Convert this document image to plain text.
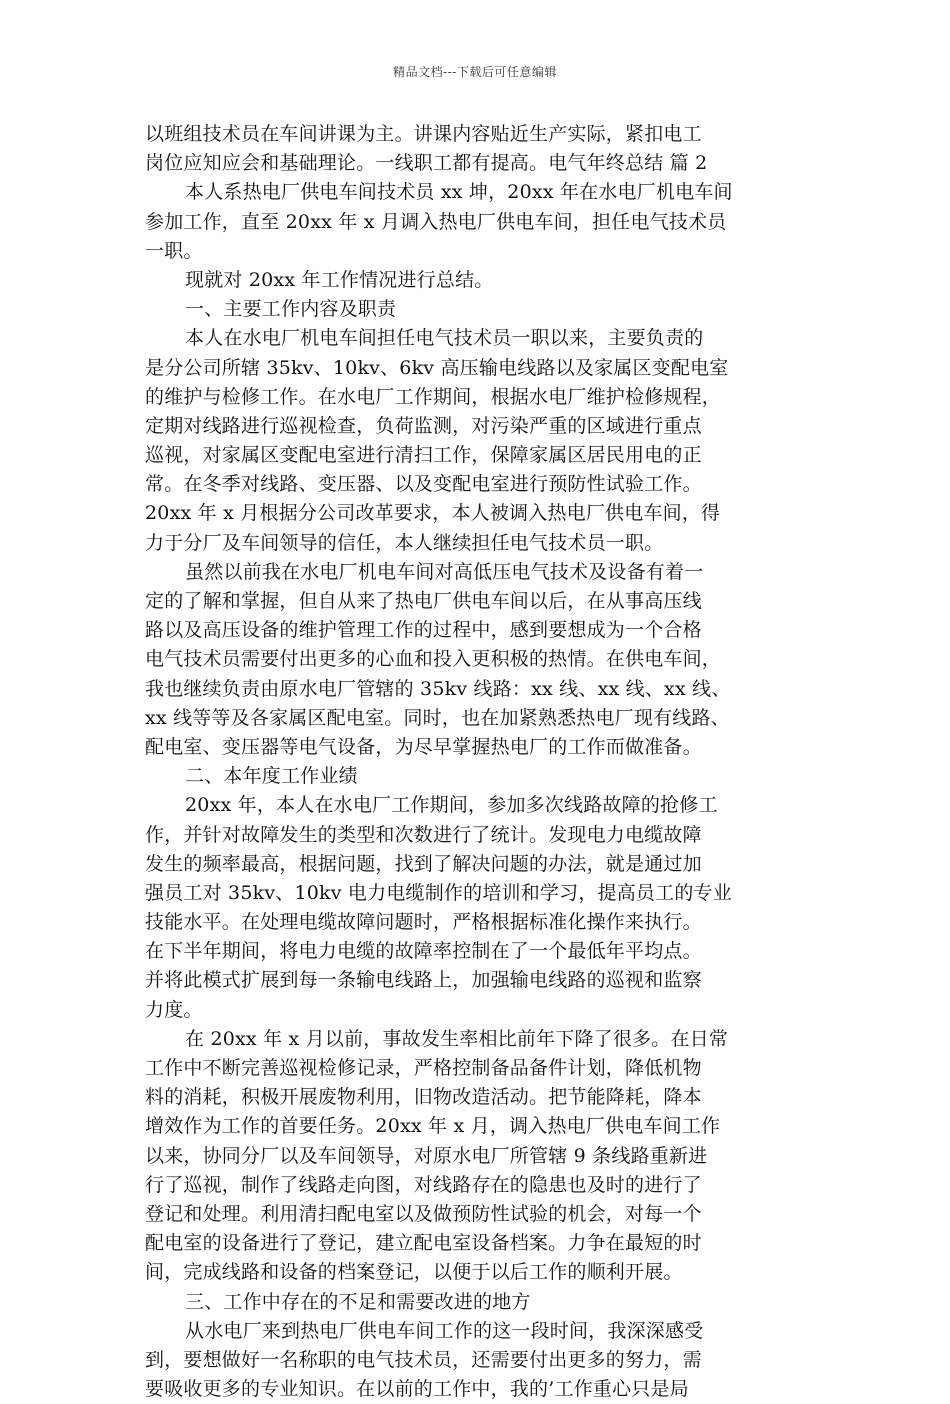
精品文档---下载后可任意编辑
以班组技术员在车间讲课为主。讲课内容贴近生产实际，紧扣电工
岗位应知应会和基础理论。一线职工都有提高。电气年终总结 篇 2
本人系热电厂供电车间技术员 xx 坤，20xx 年在水电厂机电车间
参加工作，直至 20xx 年 x 月调入热电厂供电车间，担任电气技术员
一职。
现就对 20xx 年工作情况进行总结。
一、主要工作内容及职责
本人在水电厂机电车间担任电气技术员一职以来，主要负责的
是分公司所辖 35kv、10kv、6kv 高压输电线路以及家属区变配电室
的维护与检修工作。在水电厂工作期间，根据水电厂维护检修规程，
定期对线路进行巡视检查，负荷监测，对污染严重的区域进行重点
巡视，对家属区变配电室进行清扫工作，保障家属区居民用电的正
常。在冬季对线路、变压器、以及变配电室进行预防性试验工作。
20xx 年 x 月根据分公司改革要求，本人被调入热电厂供电车间，得
力于分厂及车间领导的信任，本人继续担任电气技术员一职。
虽然以前我在水电厂机电车间对高低压电气技术及设备有着一
定的了解和掌握，但自从来了热电厂供电车间以后，在从事高压线
路以及高压设备的维护管理工作的过程中，感到要想成为一个合格
电气技术员需要付出更多的心血和投入更积极的热情。在供电车间，
我也继续负责由原水电厂管辖的 35kv 线路：xx 线、xx 线、xx 线、
xx 线等等及各家属区配电室。同时，也在加紧熟悉热电厂现有线路、
配电室、变压器等电气设备，为尽早掌握热电厂的工作而做准备。
二、本年度工作业绩
20xx 年，本人在水电厂工作期间，参加多次线路故障的抢修工
作，并针对故障发生的类型和次数进行了统计。发现电力电缆故障
发生的频率最高，根据问题，找到了解决问题的办法，就是通过加
强员工对 35kv、10kv 电力电缆制作的培训和学习，提高员工的专业
技能水平。在处理电缆故障问题时，严格根据标准化操作来执行。
在下半年期间，将电力电缆的故障率控制在了一个最低年平均点。
并将此模式扩展到每一条输电线路上，加强输电线路的巡视和监察
力度。
在 20xx 年 x 月以前，事故发生率相比前年下降了很多。在日常
工作中不断完善巡视检修记录，严格控制备品备件计划，降低机物
料的消耗，积极开展废物利用，旧物改造活动。把节能降耗，降本
增效作为工作的首要任务。20xx 年 x 月，调入热电厂供电车间工作
以来，协同分厂以及车间领导，对原水电厂所管辖 9 条线路重新进
行了巡视，制作了线路走向图，对线路存在的隐患也及时的进行了
登记和处理。利用清扫配电室以及做预防性试验的机会，对每一个
配电室的设备进行了登记，建立配电室设备档案。力争在最短的时
间，完成线路和设备的档案登记，以便于以后工作的顺利开展。
三、工作中存在的不足和需要改进的地方
从水电厂来到热电厂供电车间工作的这一段时间，我深深感受
到，要想做好一名称职的电气技术员，还需要付出更多的努力，需
要吸收更多的专业知识。在以前的工作中，我的’工作重心只是局
